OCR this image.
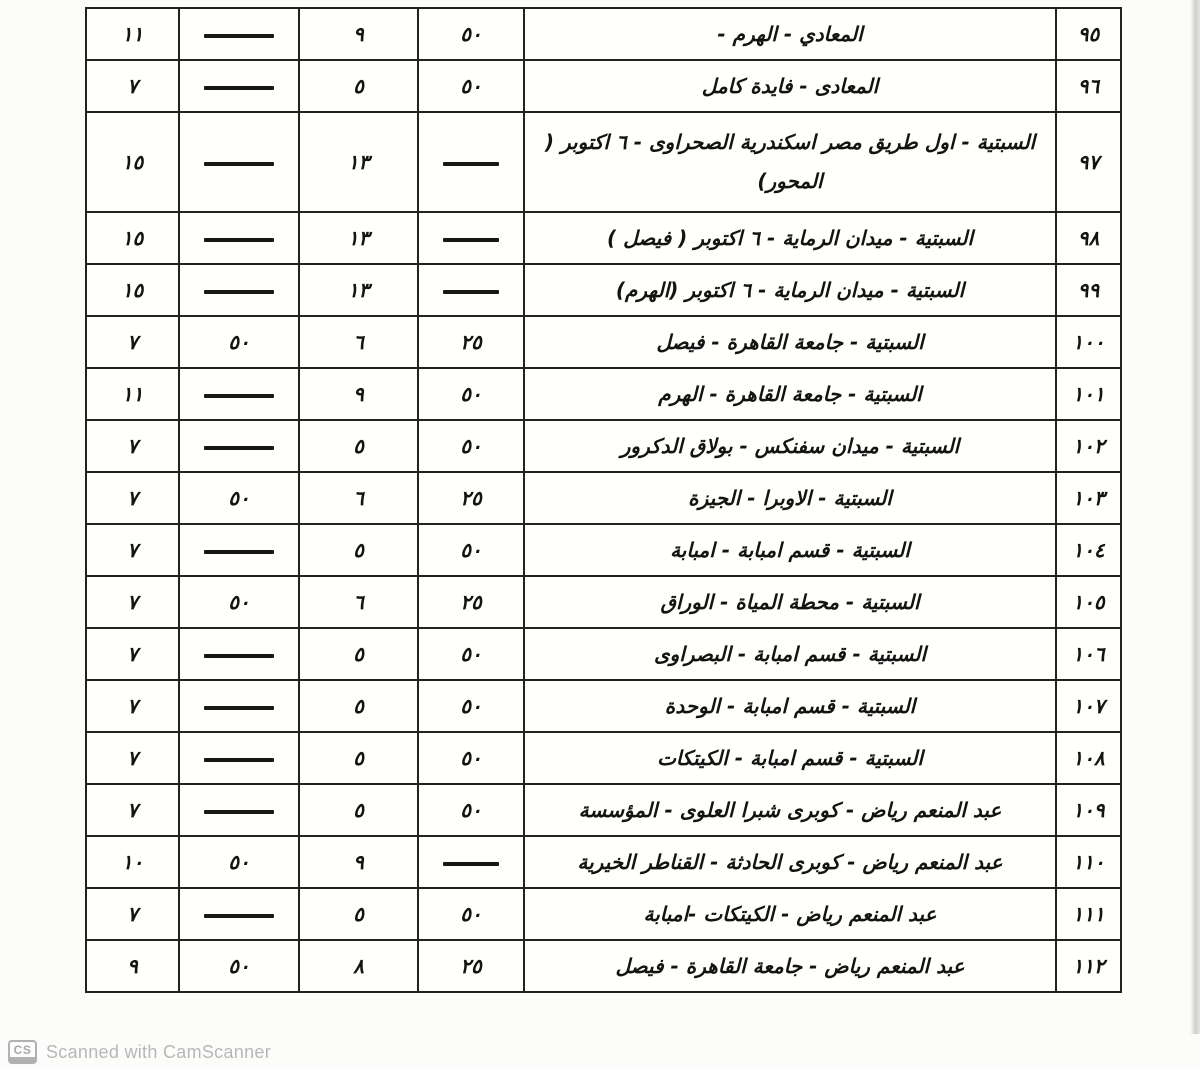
٩٥	المعادي - الهرم -	٥٠	٩		١١
٩٦	المعادى - فايدة كامل	٥٠	٥		٧
٩٧	السبتية - اول طريق مصر اسكندرية الصحراوى - ٦ اكتوبر ( المحور)		١٣		١٥
٩٨	السبتية - ميدان الرماية - ٦ اكتوبر ( فيصل )		١٣		١٥
٩٩	السبتية - ميدان الرماية - ٦ اكتوبر (الهرم)		١٣		١٥
١٠٠	السبتية - جامعة القاهرة - فيصل	٢٥	٦	٥٠	٧
١٠١	السبتية - جامعة القاهرة - الهرم	٥٠	٩		١١
١٠٢	السبتية - ميدان سفنكس - بولاق الدكرور	٥٠	٥		٧
١٠٣	السبتية - الاوبرا - الجيزة	٢٥	٦	٥٠	٧
١٠٤	السبتية - قسم امبابة - امبابة	٥٠	٥		٧
١٠٥	السبتية - محطة المياة - الوراق	٢٥	٦	٥٠	٧
١٠٦	السبتية - قسم امبابة - البصراوى	٥٠	٥		٧
١٠٧	السبتية - قسم امبابة - الوحدة	٥٠	٥		٧
١٠٨	السبتية - قسم امبابة - الكيتكات	٥٠	٥		٧
١٠٩	عبد المنعم رياض - كوبرى شبرا العلوى - المؤسسة	٥٠	٥		٧
١١٠	عبد المنعم رياض - كوبرى الحادثة - القناطر الخيرية		٩	٥٠	١٠
١١١	عبد المنعم رياض - الكيتكات -امبابة	٥٠	٥		٧
١١٢	عبد المنعم رياض - جامعة القاهرة - فيصل	٢٥	٨	٥٠	٩
CS Scanned with CamScanner
